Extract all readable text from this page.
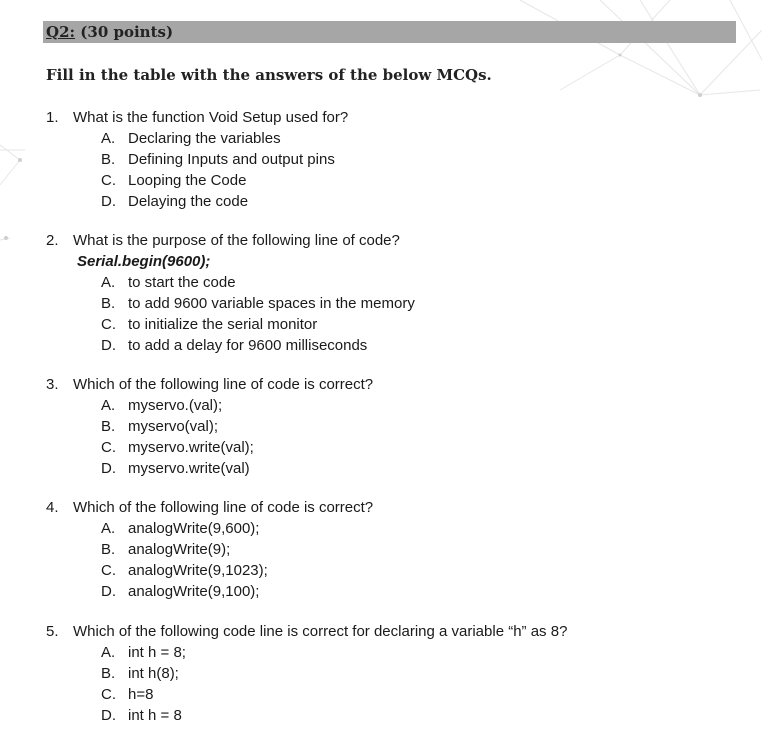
Q2: (30 points)
Fill in the table with the answers of the below MCQs.
1. What is the function Void Setup used for?
A. Declaring the variables
B. Defining Inputs and output pins
C. Looping the Code
D. Delaying the code
2. What is the purpose of the following line of code?
Serial.begin(9600);
A. to start the code
B. to add 9600 variable spaces in the memory
C. to initialize the serial monitor
D. to add a delay for 9600 milliseconds
3. Which of the following line of code is correct?
A. myservo.(val);
B. myservo(val);
C. myservo.write(val);
D. myservo.write(val)
4. Which of the following line of code is correct?
A. analogWrite(9,600);
B. analogWrite(9);
C. analogWrite(9,1023);
D. analogWrite(9,100);
5. Which of the following code line is correct for declaring a variable “h” as 8?
A. int h = 8;
B. int h(8);
C. h=8
D. int h = 8
